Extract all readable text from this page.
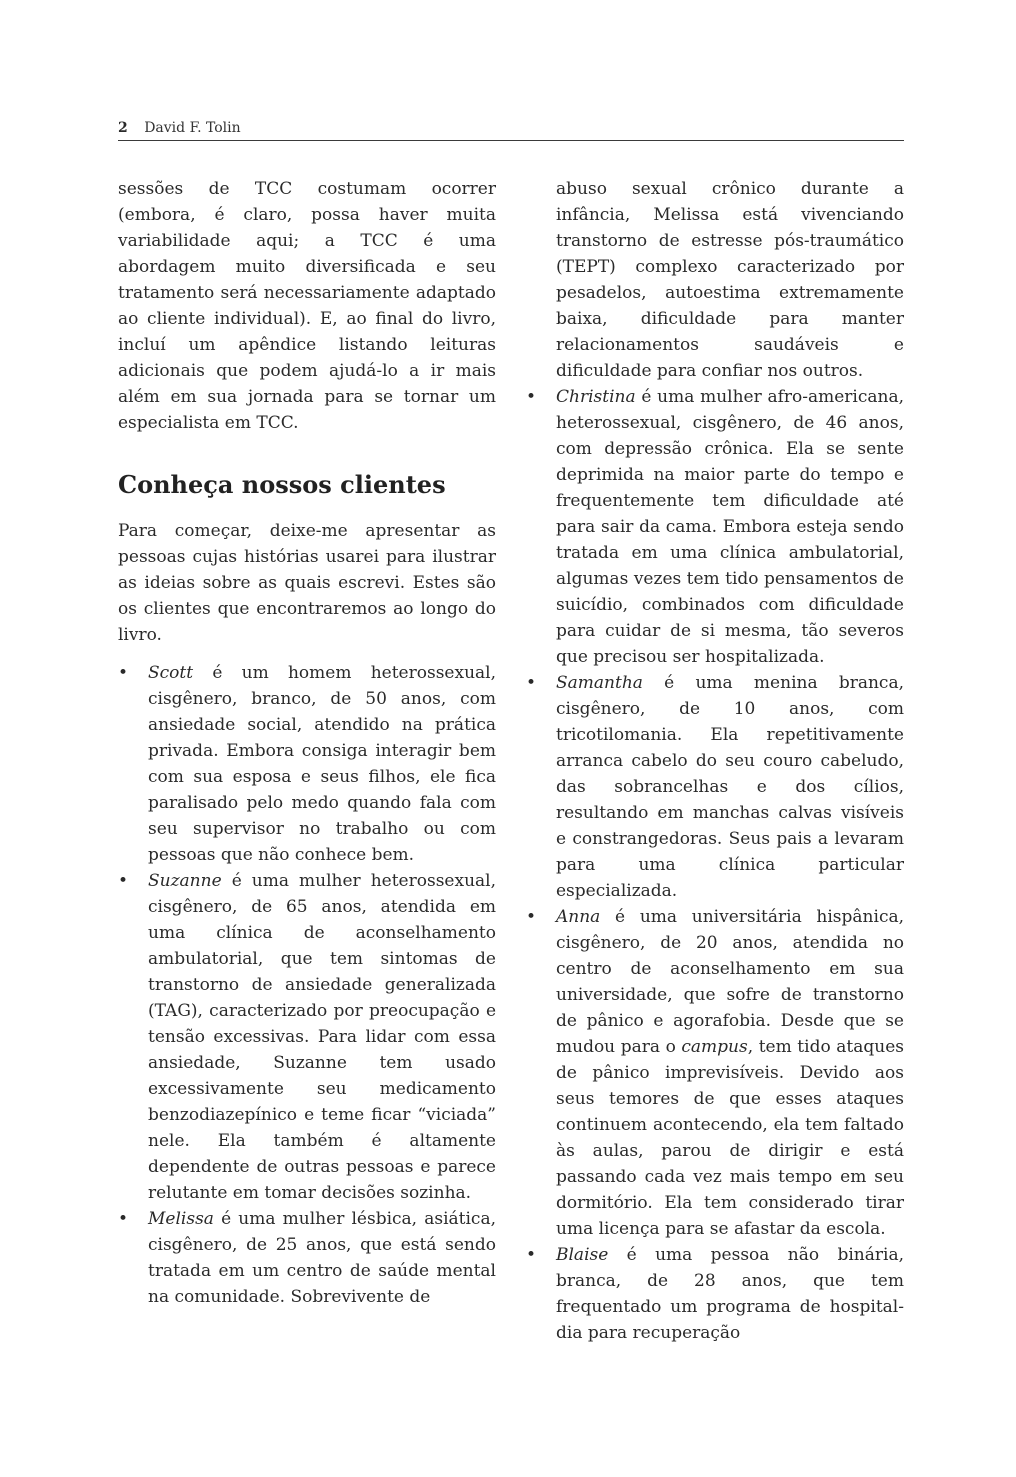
2 David F. Tolin

sessões de TCC costumam ocorrer (embora, é claro, possa haver muita variabilidade aqui; a TCC é uma abordagem muito diversificada e seu tratamento será necessariamente adaptado ao cliente individual). E, ao final do livro, incluí um apêndice listando leituras adicionais que podem ajudá-lo a ir mais além em sua jornada para se tornar um especialista em TCC.

Conheça nossos clientes

Para começar, deixe-me apresentar as pessoas cujas histórias usarei para ilustrar as ideias sobre as quais escrevi. Estes são os clientes que encontraremos ao longo do livro.

• Scott é um homem heterossexual, cisgênero, branco, de 50 anos, com ansiedade social, atendido na prática privada. Embora consiga interagir bem com sua esposa e seus filhos, ele fica paralisado pelo medo quando fala com seu supervisor no trabalho ou com pessoas que não conhece bem.
• Suzanne é uma mulher heterossexual, cisgênero, de 65 anos, atendida em uma clínica de aconselhamento ambulatorial, que tem sintomas de transtorno de ansiedade generalizada (TAG), caracterizado por preocupação e tensão excessivas. Para lidar com essa ansiedade, Suzanne tem usado excessivamente seu medicamento benzodiazepínico e teme ficar “viciada” nele. Ela também é altamente dependente de outras pessoas e parece relutante em tomar decisões sozinha.
• Melissa é uma mulher lésbica, asiática, cisgênero, de 25 anos, que está sendo tratada em um centro de saúde mental na comunidade. Sobrevivente de
abuso sexual crônico durante a infância, Melissa está vivenciando transtorno de estresse pós-traumático (TEPT) complexo caracterizado por pesadelos, autoestima extremamente baixa, dificuldade para manter relacionamentos saudáveis e dificuldade para confiar nos outros.
• Christina é uma mulher afro-americana, heterossexual, cisgênero, de 46 anos, com depressão crônica. Ela se sente deprimida na maior parte do tempo e frequentemente tem dificuldade até para sair da cama. Embora esteja sendo tratada em uma clínica ambulatorial, algumas vezes tem tido pensamentos de suicídio, combinados com dificuldade para cuidar de si mesma, tão severos que precisou ser hospitalizada.
• Samantha é uma menina branca, cisgênero, de 10 anos, com tricotilomania. Ela repetitivamente arranca cabelo do seu couro cabeludo, das sobrancelhas e dos cílios, resultando em manchas calvas visíveis e constrangedoras. Seus pais a levaram para uma clínica particular especializada.
• Anna é uma universitária hispânica, cisgênero, de 20 anos, atendida no centro de aconselhamento em sua universidade, que sofre de transtorno de pânico e agorafobia. Desde que se mudou para o campus, tem tido ataques de pânico imprevisíveis. Devido aos seus temores de que esses ataques continuem acontecendo, ela tem faltado às aulas, parou de dirigir e está passando cada vez mais tempo em seu dormitório. Ela tem considerado tirar uma licença para se afastar da escola.
• Blaise é uma pessoa não binária, branca, de 28 anos, que tem frequentado um programa de hospital-dia para recuperação
